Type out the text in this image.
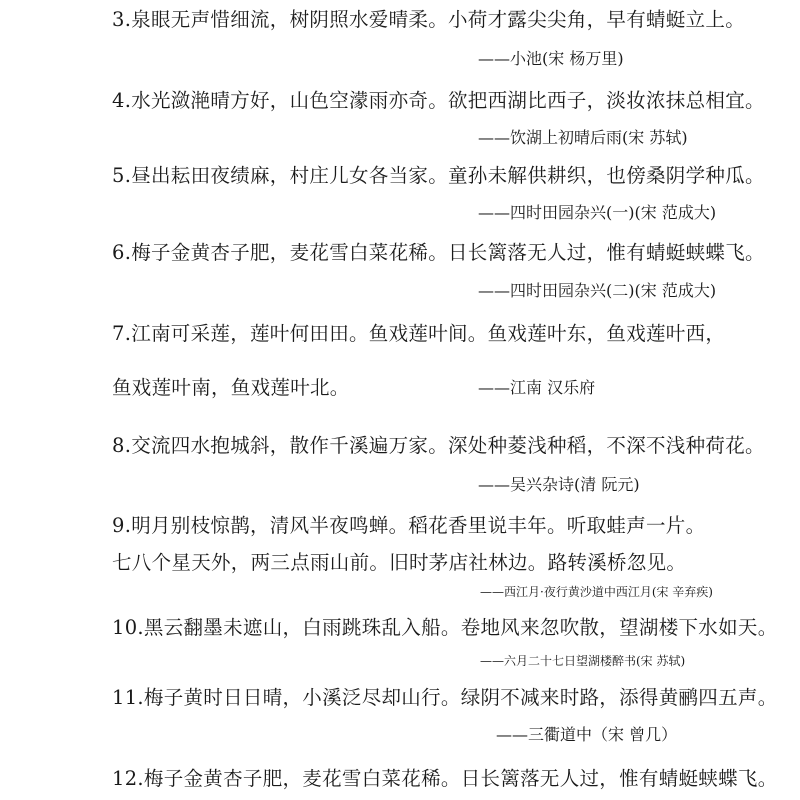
3.泉眼无声惜细流，树阴照水爱晴柔。小荷才露尖尖角，早有蜻蜓立上。
——小池(宋 杨万里)
4.水光潋滟晴方好，山色空濛雨亦奇。欲把西湖比西子，淡妆浓抹总相宜。
——饮湖上初晴后雨(宋 苏轼)
5.昼出耘田夜绩麻，村庄儿女各当家。童孙未解供耕织，也傍桑阴学种瓜。
——四时田园杂兴(一)(宋 范成大)
6.梅子金黄杏子肥，麦花雪白菜花稀。日长篱落无人过，惟有蜻蜓蛱蝶飞。
——四时田园杂兴(二)(宋 范成大)
7.江南可采莲，莲叶何田田。鱼戏莲叶间。鱼戏莲叶东，鱼戏莲叶西，
鱼戏莲叶南，鱼戏莲叶北。	——江南 汉乐府
8.交流四水抱城斜，散作千溪遍万家。深处种菱浅种稻，不深不浅种荷花。
——吴兴杂诗(清 阮元)
9.明月别枝惊鹊，清风半夜鸣蝉。稻花香里说丰年。听取蛙声一片。
七八个星天外，两三点雨山前。旧时茅店社林边。路转溪桥忽见。
——西江月·夜行黄沙道中西江月(宋 辛弃疾)
10.黑云翻墨未遮山，白雨跳珠乱入船。卷地风来忽吹散，望湖楼下水如天。
——六月二十七日望湖楼醉书(宋 苏轼)
11.梅子黄时日日晴，小溪泛尽却山行。绿阴不减来时路，添得黄鹂四五声。
——三衢道中（宋 曾几）
12.梅子金黄杏子肥，麦花雪白菜花稀。日长篱落无人过，惟有蜻蜓蛱蝶飞。
